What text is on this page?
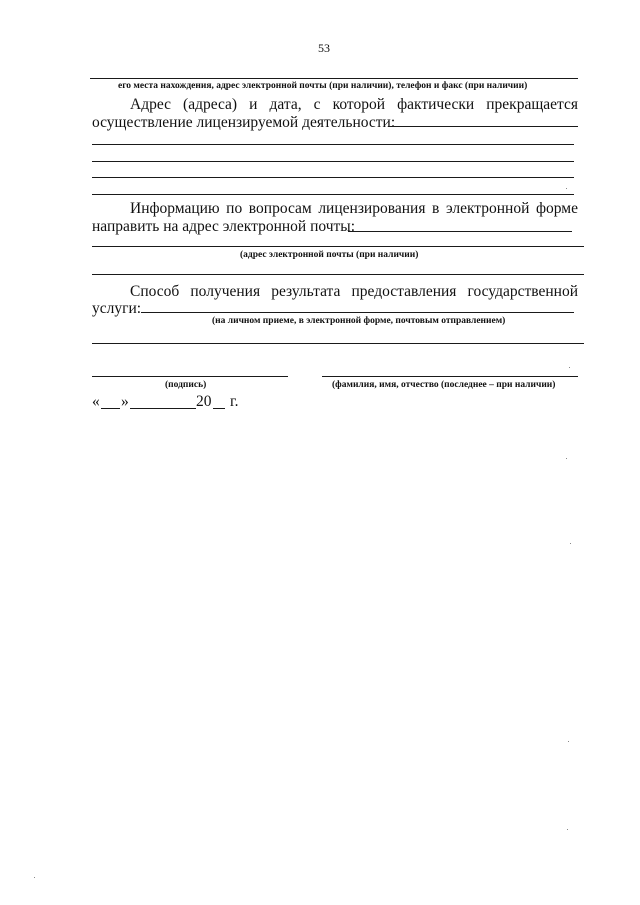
53
его места нахождения, адрес электронной почты (при наличии), телефон и факс (при наличии)
Адрес (адреса) и дата, с которой фактически прекращается
осуществление лицензируемой деятельности:
Информацию по вопросам лицензирования в электронной форме
направить на адрес электронной почты:
(адрес электронной почты (при наличии)
Способ получения результата предоставления государственной
услуги:
(на личном приеме, в электронной форме, почтовым отправлением)
(подпись)	(фамилия, имя, отчество (последнее – при наличии)
« »	20 г.
